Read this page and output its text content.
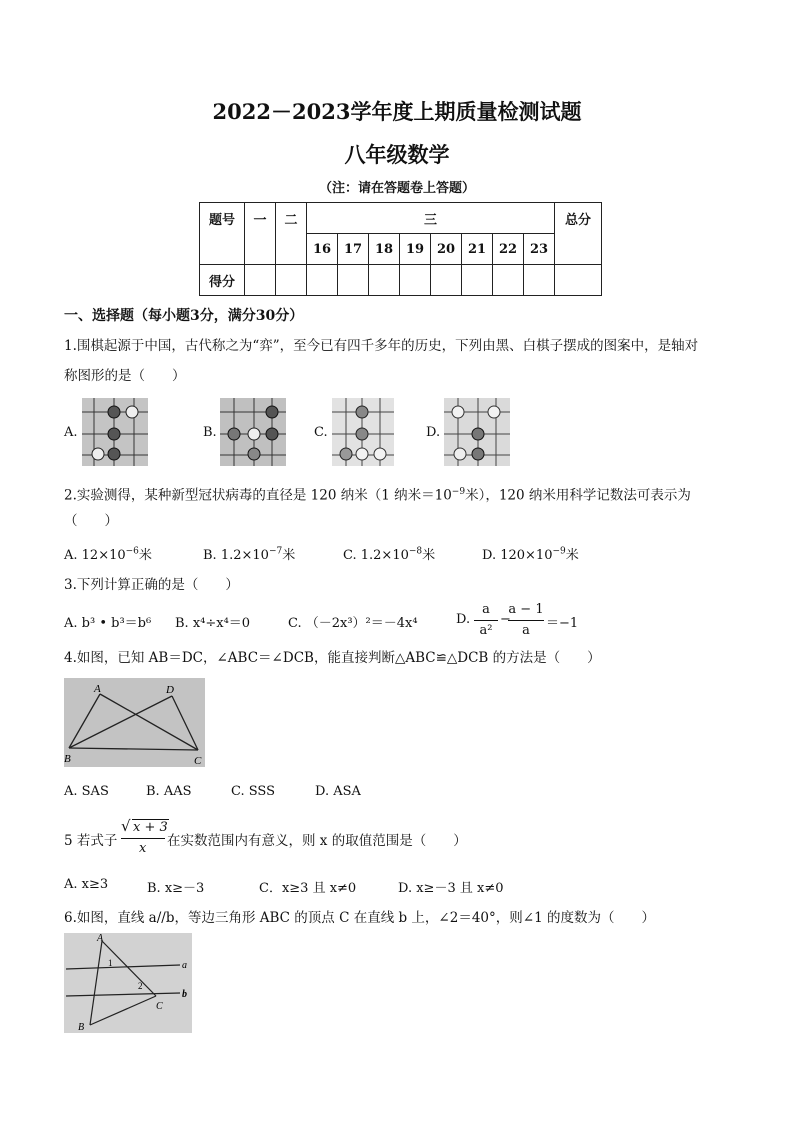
2022－2023学年度上期质量检测试题
八年级数学
（注：请在答题卷上答题）
题号	一	二	三								总分
			16	17	18	19	20	21	22	23	
得分											
一、选择题（每小题3分，满分30分）
1.围棋起源于中国，古代称之为“弈”，至今已有四千多年的历史，下列由黑、白棋子摆成的图案中，是轴对
称图形的是（　　）
A.	B.	C.	D.
2.实验测得，某种新型冠状病毒的直径是 120 纳米（1 纳米$=10^{-9}$米），120 纳米用科学记数法可表示为
（　　）
A. $12\times 10^{-6}$米	B. $1.2\times 10^{-7}$米	C. $1.2\times 10^{-8}$米	D. $120\times 10^{-9}$米
3.下列计算正确的是（　　）
A. b³ • b³＝b⁶ B. x⁴÷x⁴＝0	C. （－2x³）²＝－4x⁴	D.
a
a²
−
a − 1
a	＝−1
4.如图，已知 AB＝DC，∠ABC＝∠DCB，能直接判断△ABC≌△DCB 的方法是（　　）
A	D
B	C
A. SAS	B. AAS	C. SSS	D. ASA
5 若式子
√ x + 3
x 在实数范围内有意义，则 x 的取值范围是（　　）
A. x≥3	B. x≥－3	C．x≥3 且 x≠0	D. x≥－3 且 x≠0
6.如图，直线 a//b，等边三角形 ABC 的顶点 C 在直线 b 上，∠2＝40°，则∠1 的度数为（　　）
A
1	a
2
b
C
B
